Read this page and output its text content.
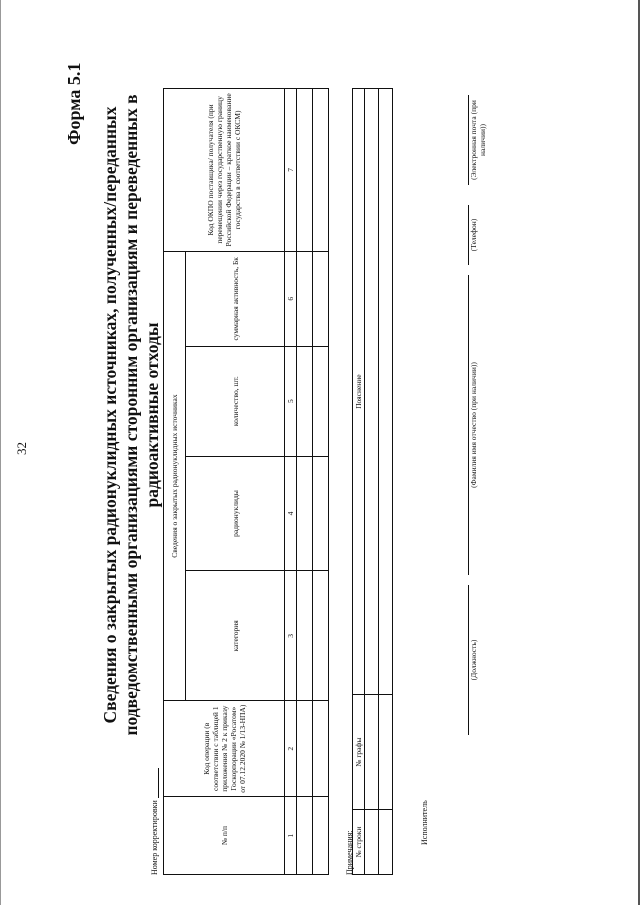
32
Форма 5.1
Сведения о закрытых радионуклидных источниках, полученных/переданных подведомственными организациями сторонним организациям и переведенных в радиоактивные отходы
Номер корректировки	№ п/п	Код операции (в соответствии с таблицей 1 приложения № 2 к приказу Госкорпорации «Росатом» от 07.12.2020 № 1/13-НПА)	Сведения о закрытых радионуклидных источниках				Код ОКПО поставщика/ получателя (при перемещении через государственную границу Российской Федерации – краткое наименование государства в соответствии с ОКСМ)
		категория	радионуклиды	количество, шт.	суммарная активность, Бк	
1	2	3	4	5	6	7

Примечания: № строки	№ графы	Пояснение

Исполнитель
(Должность)
(Фамилия имя отчество (при наличии))
(Телефон)
(Электронная почта (при наличии))
